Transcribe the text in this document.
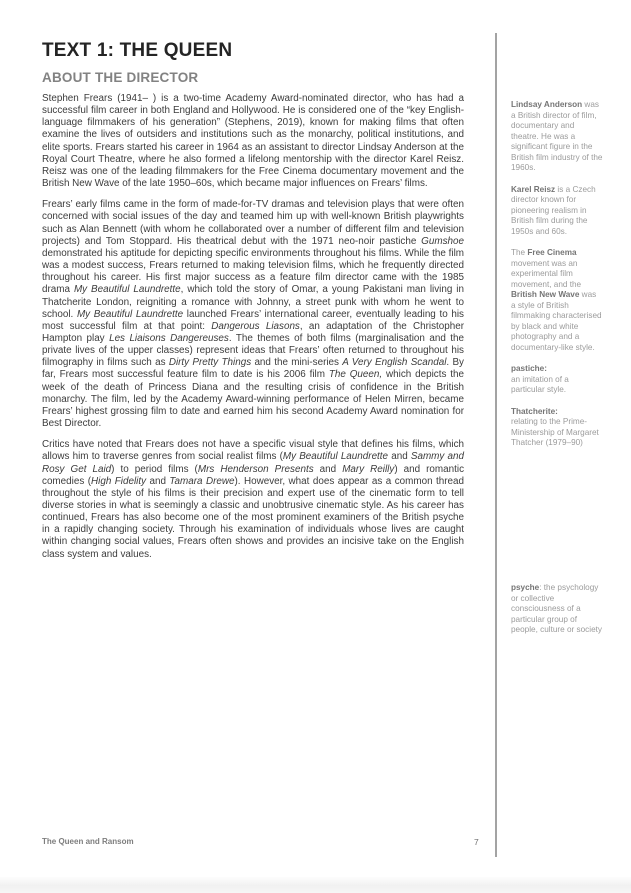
TEXT 1: THE QUEEN
ABOUT THE DIRECTOR

Stephen Frears (1941– ) is a two-time Academy Award-nominated director, who has had a successful film career in both England and Hollywood. He is considered one of the “key English-language filmmakers of his generation” (Stephens, 2019), known for making films that often examine the lives of outsiders and institutions such as the monarchy, political institutions, and elite sports. Frears started his career in 1964 as an assistant to director Lindsay Anderson at the Royal Court Theatre, where he also formed a lifelong mentorship with the director Karel Reisz. Reisz was one of the leading filmmakers for the Free Cinema documentary movement and the British New Wave of the late 1950–60s, which became major influences on Frears’ films.

Frears’ early films came in the form of made-for-TV dramas and television plays that were often concerned with social issues of the day and teamed him up with well-known British playwrights such as Alan Bennett (with whom he collaborated over a number of different film and television projects) and Tom Stoppard. His theatrical debut with the 1971 neo-noir pastiche Gumshoe demonstrated his aptitude for depicting specific environments throughout his films. While the film was a modest success, Frears returned to making television films, which he frequently directed throughout his career. His first major success as a feature film director came with the 1985 drama My Beautiful Laundrette, which told the story of Omar, a young Pakistani man living in Thatcherite London, reigniting a romance with Johnny, a street punk with whom he went to school. My Beautiful Laundrette launched Frears’ international career, eventually leading to his most successful film at that point: Dangerous Liasons, an adaptation of the Christopher Hampton play Les Liaisons Dangereuses. The themes of both films (marginalisation and the private lives of the upper classes) represent ideas that Frears’ often returned to throughout his filmography in films such as Dirty Pretty Things and the mini-series A Very English Scandal. By far, Frears most successful feature film to date is his 2006 film The Queen, which depicts the week of the death of Princess Diana and the resulting crisis of confidence in the British monarchy. The film, led by the Academy Award-winning performance of Helen Mirren, became Frears’ highest grossing film to date and earned him his second Academy Award nomination for Best Director.

Critics have noted that Frears does not have a specific visual style that defines his films, which allows him to traverse genres from social realist films (My Beautiful Laundrette and Sammy and Rosy Get Laid) to period films (Mrs Henderson Presents and Mary Reilly) and romantic comedies (High Fidelity and Tamara Drewe). However, what does appear as a common thread throughout the style of his films is their precision and expert use of the cinematic form to tell diverse stories in what is seemingly a classic and unobtrusive cinematic style. As his career has continued, Frears has also become one of the most prominent examiners of the British psyche in a rapidly changing society. Through his examination of individuals whose lives are caught within changing social values, Frears often shows and provides an incisive take on the English class system and values.

Lindsay Anderson was a British director of film, documentary and theatre. He was a significant figure in the British film industry of the 1960s.
Karel Reisz is a Czech director known for pioneering realism in British film during the 1950s and 60s.
The Free Cinema movement was an experimental film movement, and the British New Wave was a style of British filmmaking characterised by black and white photography and a documentary-like style.
pastiche:
an imitation of a particular style.
Thatcherite:
relating to the Prime-Ministership of Margaret Thatcher (1979–90)
psyche: the psychology or collective consciousness of a particular group of people, culture or society
The Queen and Ransom	7
